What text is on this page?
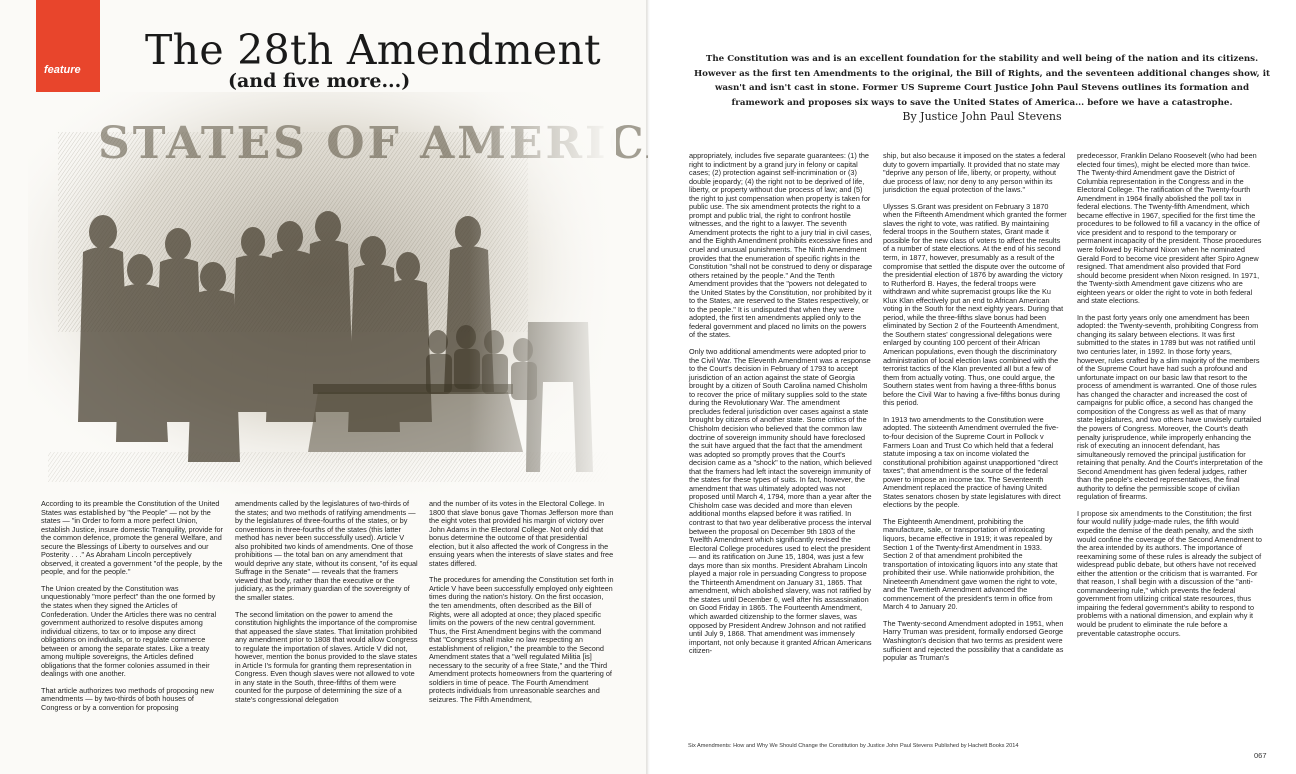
feature The 28th Amendment
(and five more...)

According to its preamble the Constitution of the United States was established by "the People" — not by the states — "in Order to form a more perfect Union, establish Justice, insure domestic Tranquility, provide for the common defence, promote the general Welfare, and secure the Blessings of Liberty to ourselves and our Posterity . . ." As Abraham Lincoln perceptively observed, it created a government "of the people, by the people, and for the people."

The Union created by the Constitution was unquestionably "more perfect" than the one formed by the states when they signed the Articles of Confederation. Under the Articles there was no central government authorized to resolve disputes among individual citizens, to tax or to impose any direct obligations on individuals, or to regulate commerce between or among the separate states. Like a treaty among multiple sovereigns, the Articles defined obligations that the former colonies assumed in their dealings with one another.

That article authorizes two methods of proposing new amendments — by two-thirds of both houses of Congress or by a convention for proposing

amendments called by the legislatures of two-thirds of the states; and two methods of ratifying amendments — by the legislatures of three-fourths of the states, or by conventions in three-fourths of the states (this latter method has never been successfully used). Article V also prohibited two kinds of amendments. One of those prohibitions — the total ban on any amendment that would deprive any state, without its consent, "of its equal Suffrage in the Senate" — reveals that the framers viewed that body, rather than the executive or the judiciary, as the primary guardian of the sovereignty of the smaller states.

The second limitation on the power to amend the constitution highlights the importance of the compromise that appeased the slave states. That limitation prohibited any amendment prior to 1808 that would allow Congress to regulate the importation of slaves. Article V did not, however, mention the bonus provided to the slave states in Article I's formula for granting them representation in Congress. Even though slaves were not allowed to vote in any state in the South, three-fifths of them were counted for the purpose of determining the size of a state's congressional delegation

and the number of its votes in the Electoral College. In 1800 that slave bonus gave Thomas Jefferson more than the eight votes that provided his margin of victory over John Adams in the Electoral College. Not only did that bonus determine the outcome of that presidential election, but it also affected the work of Congress in the ensuing years when the interests of slave states and free states differed.

The procedures for amending the Constitution set forth in Article V have been successfully employed only eighteen times during the nation's history. On the first occasion, the ten amendments, often described as the Bill of Rights, were all adopted at once; they placed specific limits on the powers of the new central government. Thus, the First Amendment begins with the command that "Congress shall make no law respecting an establishment of religion," the preamble to the Second Amendment states that a "well regulated Militia [is] necessary to the security of a free State," and the Third Amendment protects homeowners from the quartering of soldiers in time of peace. The Fourth Amendment protects individuals from unreasonable searches and seizures. The Fifth Amendment,

The Constitution was and is an excellent foundation for the stability and well being of the nation and its citizens. However as the first ten Amendments to the original, the Bill of Rights, and the seventeen additional changes show, it wasn't and isn't cast in stone. Former US Supreme Court Justice John Paul Stevens outlines its formation and framework and proposes six ways to save the United States of America... before we have a catastrophe.

By Justice John Paul Stevens

appropriately, includes five separate guarantees: (1) the right to indictment by a grand jury in felony or capital cases; (2) protection against self-incrimination or (3) double jeopardy; (4) the right not to be deprived of life, liberty, or property without due process of law; and (5) the right to just compensation when property is taken for public use. The six amendment protects the right to a prompt and public trial, the right to confront hostile witnesses, and the right to a lawyer. The seventh Amendment protects the right to a jury trial in civil cases, and the Eighth Amendment prohibits excessive fines and cruel and unusual punishments. The Ninth Amendment provides that the enumeration of specific rights in the Constitution "shall not be construed to deny or disparage others retained by the people." And the Tenth Amendment provides that the "powers not delegated to the United States by the Constitution, nor prohibited by it to the States, are reserved to the States respectively, or to the people." It is undisputed that when they were adopted, the first ten amendments applied only to the federal government and placed no limits on the powers of the states.

Only two additional amendments were adopted prior to the Civil War. The Eleventh Amendment was a response to the Court's decision in February of 1793 to accept jurisdiction of an action against the state of Georgia brought by a citizen of South Carolina named Chisholm to recover the price of military supplies sold to the state during the Revolutionary War. The amendment precludes federal jurisdiction over cases against a state brought by citizens of another state. Some critics of the Chisholm decision who believed that the common law doctrine of sovereign immunity should have foreclosed the suit have argued that the fact that the amendment was adopted so promptly proves that the Court's decision came as a "shock" to the nation, which believed that the framers had left intact the sovereign immunity of the states for these types of suits. In fact, however, the amendment that was ultimately adopted was not proposed until March 4, 1794, more than a year after the Chisholm case was decided and more than eleven additional months elapsed before it was ratified. In contrast to that two year deliberative process the interval between the proposal on December 9th 1803 of the Twelfth Amendment which significantly revised the Electoral College procedures used to elect the president — and its ratification on June 15, 1804, was just a few days more than six months. President Abraham Lincoln played a major role in persuading Congress to propose the Thirteenth Amendment on January 31, 1865. That amendment, which abolished slavery, was not ratified by the states until December 6, well after his assassination on Good Friday in 1865. The Fourteenth Amendment, which awarded citizenship to the former slaves, was opposed by President Andrew Johnson and not ratified until July 9, 1868. That amendment was immensely important, not only because it granted African Americans citizen-

ship, but also because it imposed on the states a federal duty to govern impartially. It provided that no state may "deprive any person of life, liberty, or property, without due process of law; nor deny to any person within its jurisdiction the equal protection of the laws."

Ulysses S.Grant was president on February 3 1870 when the Fifteenth Amendment which granted the former slaves the right to vote, was ratified. By maintaining federal troops in the Southern states, Grant made it possible for the new class of voters to affect the results of a number of state elections. At the end of his second term, in 1877, however, presumably as a result of the compromise that settled the dispute over the outcome of the presidential election of 1876 by awarding the victory to Rutherford B. Hayes, the federal troops were withdrawn and white supremacist groups like the Ku Klux Klan effectively put an end to African American voting in the South for the next eighty years. During that period, while the three-fifths slave bonus had been eliminated by Section 2 of the Fourteenth Amendment, the Southern states' congressional delegations were enlarged by counting 100 percent of their African American populations, even though the discriminatory administration of local election laws combined with the terrorist tactics of the Klan prevented all but a few of them from actually voting. Thus, one could argue, the Southern states went from having a three-fifths bonus before the Civil War to having a five-fifths bonus during this period.

In 1913 two amendments to the Constitution were adopted. The sixteenth Amendment overruled the five-to-four decision of the Supreme Court in Pollock v Farmers Loan and Trust Co which held that a federal statute imposing a tax on income violated the constitutional prohibition against unapportioned "direct taxes"; that amendment is the source of the federal power to impose an income tax. The Seventeenth Amendment replaced the practice of having United States senators chosen by state legislatures with direct elections by the people.

The Eighteenth Amendment, prohibiting the manufacture, sale, or transportation of intoxicating liquors, became effective in 1919; it was repealed by Section 1 of the Twenty-first Amendment in 1933. Section 2 of that amendment prohibited the transportation of intoxicating liquors into any state that prohibited their use. While nationwide prohibition, the Nineteenth Amendment gave women the right to vote, and the Twentieth Amendment advanced the commencement of the president's term in office from March 4 to January 20.

The Twenty-second Amendment adopted in 1951, when Harry Truman was president, formally endorsed George Washington's decision that two terms as president were sufficient and rejected the possibility that a candidate as popular as Truman's

predecessor, Franklin Delano Roosevelt (who had been elected four times), might be elected more than twice. The Twenty-third Amendment gave the District of Columbia representation in the Congress and in the Electoral College. The ratification of the Twenty-fourth Amendment in 1964 finally abolished the poll tax in federal elections. The Twenty-fifth Amendment, which became effective in 1967, specified for the first time the procedures to be followed to fill a vacancy in the office of vice president and to respond to the temporary or permanent incapacity of the president. Those procedures were followed by Richard Nixon when he nominated Gerald Ford to become vice president after Spiro Agnew resigned. That amendment also provided that Ford should become president when Nixon resigned. In 1971, the Twenty-sixth Amendment gave citizens who are eighteen years or older the right to vote in both federal and state elections.

In the past forty years only one amendment has been adopted: the Twenty-seventh, prohibiting Congress from changing its salary between elections. It was first submitted to the states in 1789 but was not ratified until two centuries later, in 1992. In those forty years, however, rules crafted by a slim majority of the members of the Supreme Court have had such a profound and unfortunate impact on our basic law that resort to the process of amendment is warranted. One of those rules has changed the character and increased the cost of campaigns for public office, a second has changed the composition of the Congress as well as that of many state legislatures, and two others have unwisely curtailed the powers of Congress. Moreover, the Court's death penalty jurisprudence, while improperly enhancing the risk of executing an innocent defendant, has simultaneously removed the principal justification for retaining that penalty. And the Court's interpretation of the Second Amendment has given federal judges, rather than the people's elected representatives, the final authority to define the permissible scope of civilian regulation of firearms.

I propose six amendments to the Constitution; the first four would nullify judge-made rules, the fifth would expedite the demise of the death penalty, and the sixth would confine the coverage of the Second Amendment to the area intended by its authors. The importance of reexamining some of these rules is already the subject of widespread public debate, but others have not received either the attention or the criticism that is warranted. For that reason, I shall begin with a discussion of the "anti-commandeering rule," which prevents the federal government from utilizing critical state resources, thus impairing the federal government's ability to respond to problems with a national dimension, and explain why it would be prudent to eliminate the rule before a preventable catastrophe occurs.

Six Amendments: How and Why We Should Change the Constitution by Justice John Paul Stevens Published by Hachett Books 2014
067
